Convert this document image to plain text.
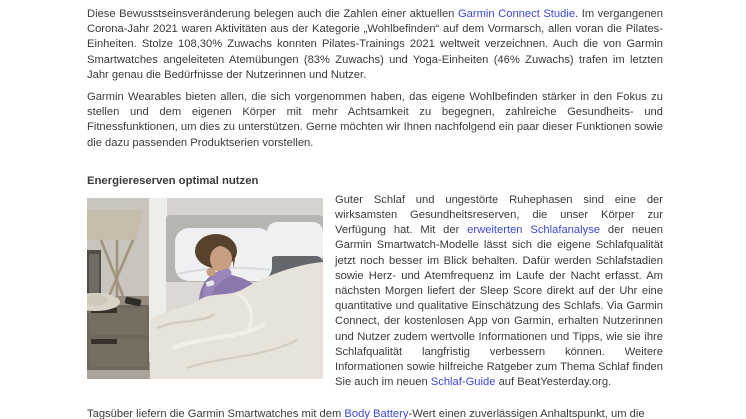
Diese Bewusstseinsveränderung belegen auch die Zahlen einer aktuellen Garmin Connect Studie. Im vergangenen Corona-Jahr 2021 waren Aktivitäten aus der Kategorie „Wohlbefinden“ auf dem Vormarsch, allen voran die Pilates-Einheiten. Stolze 108,30% Zuwachs konnten Pilates-Trainings 2021 weltweit verzeichnen. Auch die von Garmin Smartwatches angeleiteten Atemübungen (83% Zuwachs) und Yoga-Einheiten (46% Zuwachs) trafen im letzten Jahr genau die Bedürfnisse der Nutzerinnen und Nutzer.

Garmin Wearables bieten allen, die sich vorgenommen haben, das eigene Wohlbefinden stärker in den Fokus zu stellen und dem eigenen Körper mit mehr Achtsamkeit zu begegnen, zahlreiche Gesundheits- und Fitnessfunktionen, um dies zu unterstützen. Gerne möchten wir Ihnen nachfolgend ein paar dieser Funktionen sowie die dazu passenden Produktserien vorstellen.

Energiereserven optimal nutzen

Guter Schlaf und ungestörte Ruhephasen sind eine der wirksamsten Gesundheitsreserven, die unser Körper zur Verfügung hat. Mit der erweiterten Schlafanalyse der neuen Garmin Smartwatch-Modelle lässt sich die eigene Schlafqualität jetzt noch besser im Blick behalten. Dafür werden Schlafstadien sowie Herz- und Atemfrequenz im Laufe der Nacht erfasst. Am nächsten Morgen liefert der Sleep Score direkt auf der Uhr eine quantitative und qualitative Einschätzung des Schlafs. Via Garmin Connect, der kostenlosen App von Garmin, erhalten Nutzerinnen und Nutzer zudem wertvolle Informationen und Tipps, wie sie ihre Schlafqualität langfristig verbessern können. Weitere Informationen sowie hilfreiche Ratgeber zum Thema Schlaf finden Sie auch im neuen Schlaf-Guide auf BeatYesterday.org.

Tagsüber liefern die Garmin Smartwatches mit dem Body Battery-Wert einen zuverlässigen Anhaltspunkt, um die
